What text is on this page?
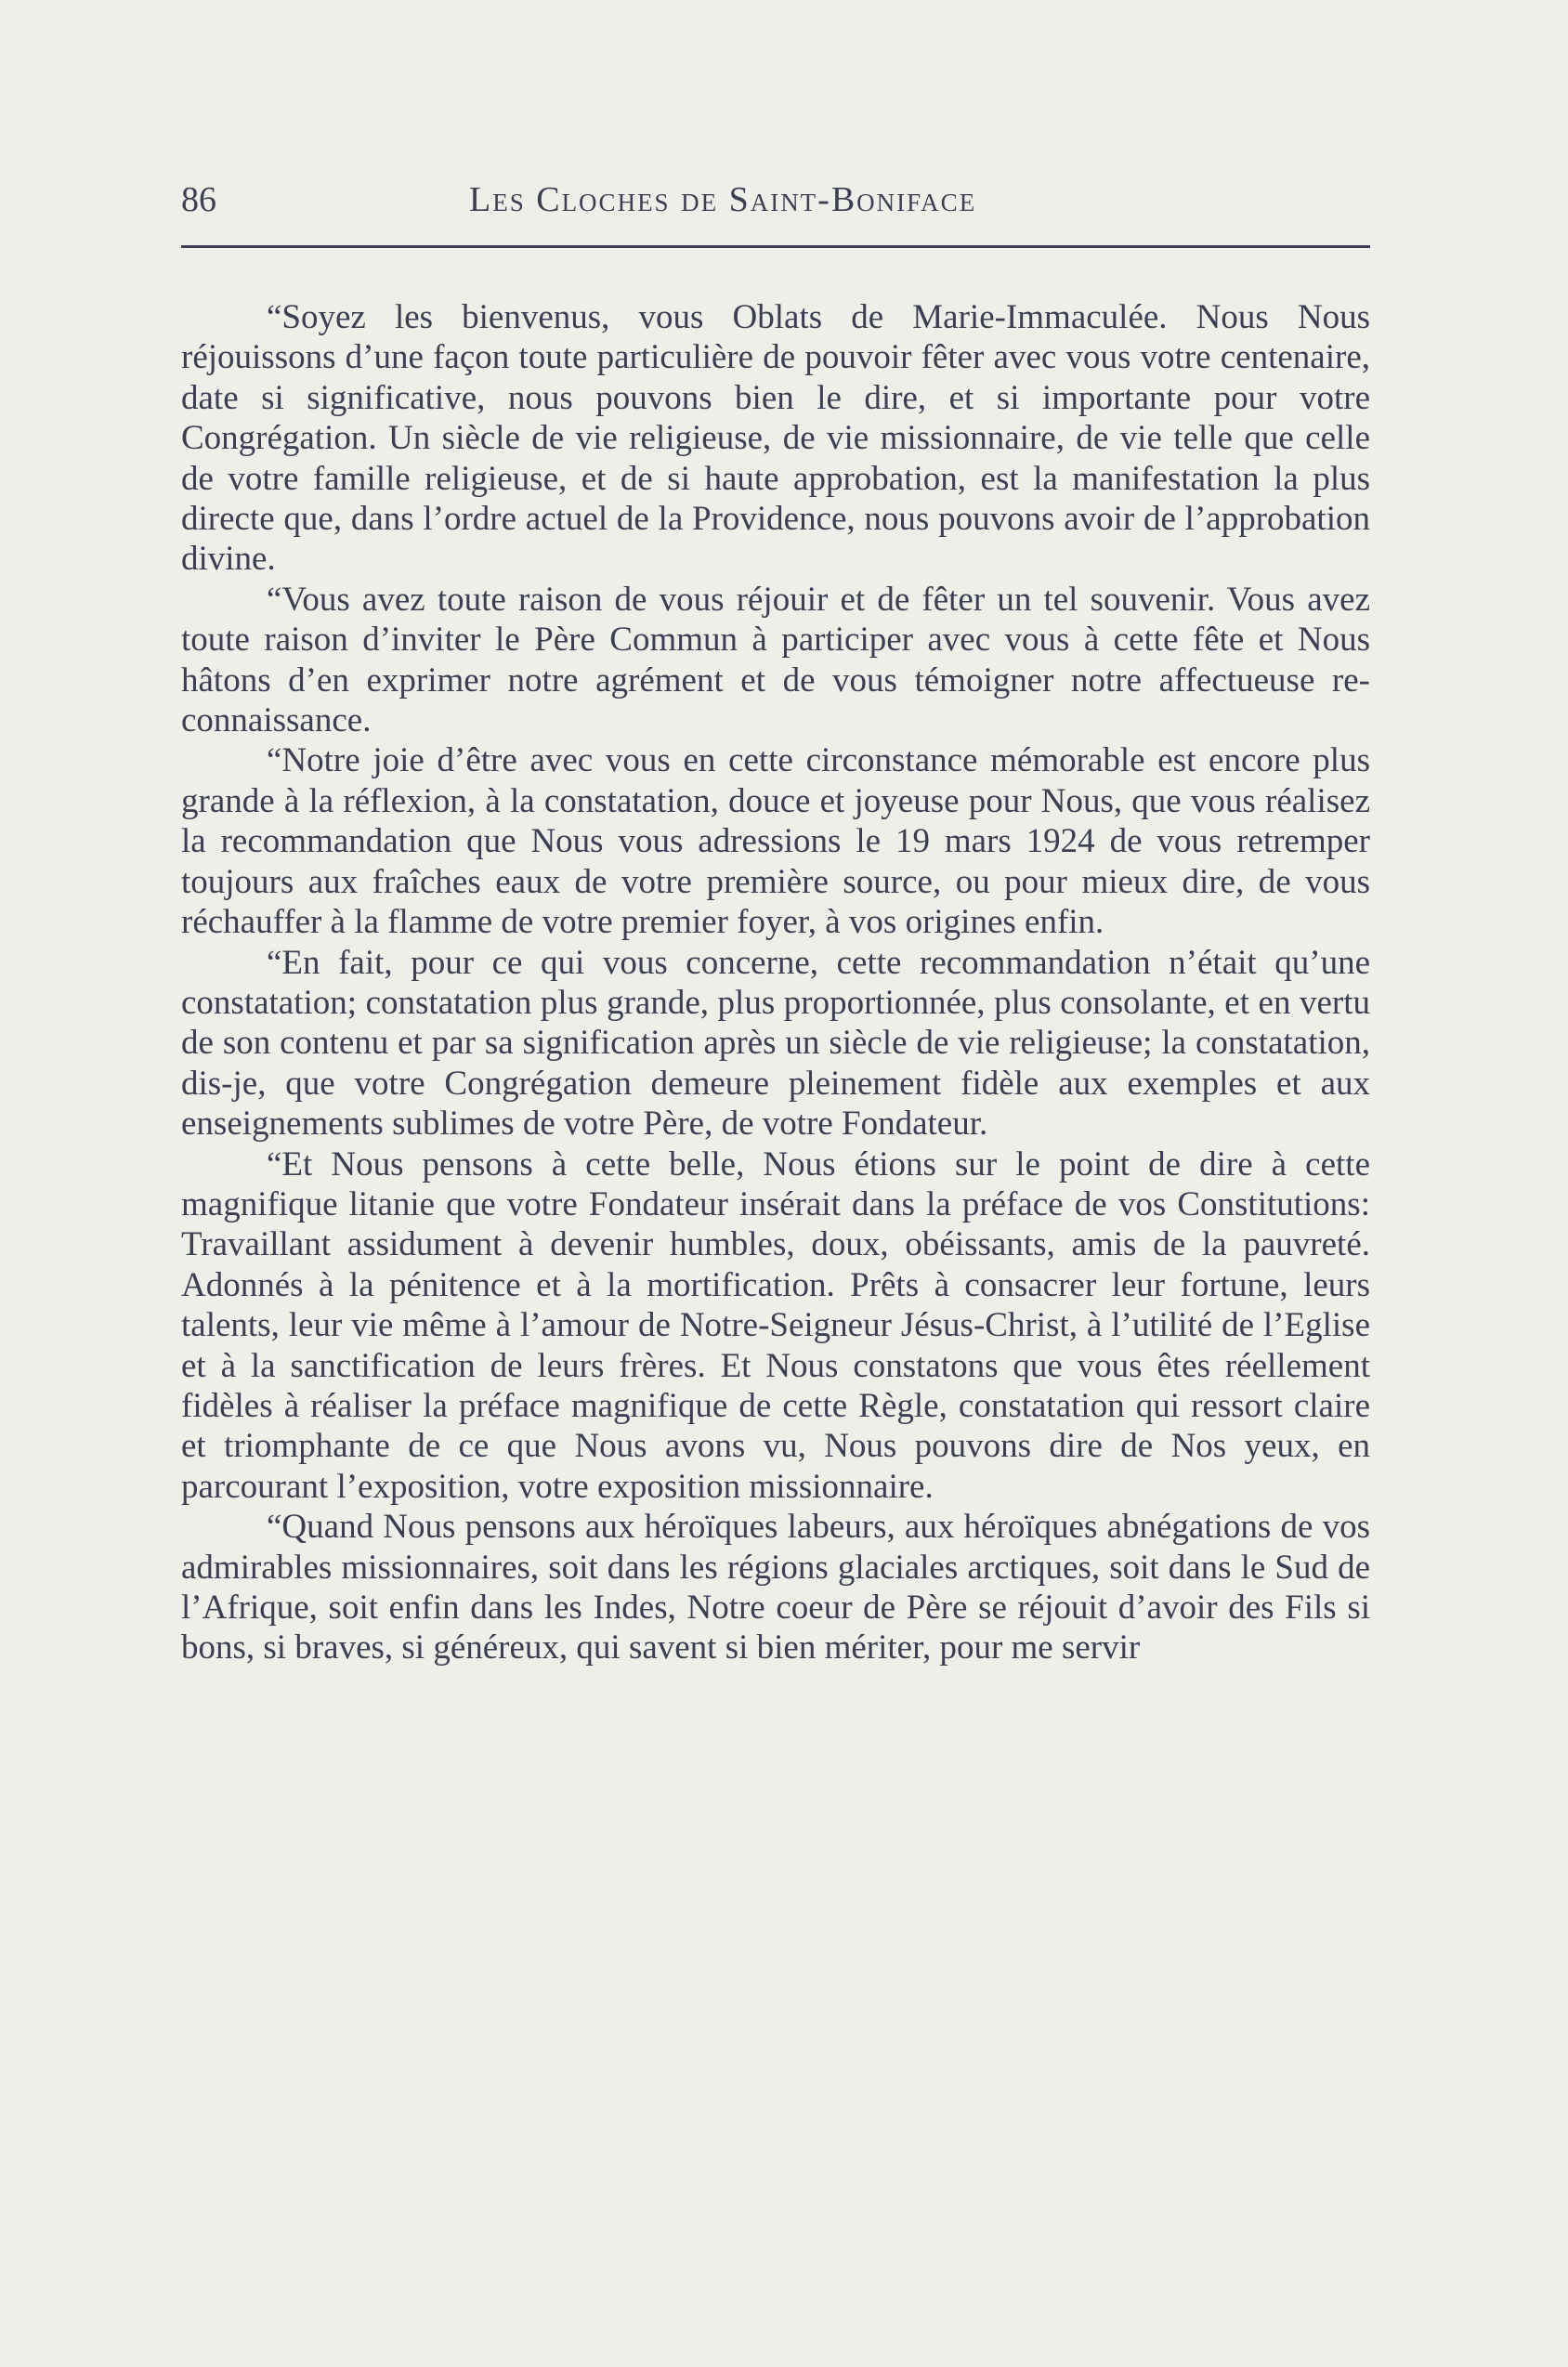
86	Les Cloches de Saint-Boniface

“Soyez les bienvenus, vous Oblats de Marie-Immaculée. Nous Nous réjouissons d’une façon toute particulière de pouvoir fêter avec vous votre centenaire, date si significative, nous pouvons bien le dire, et si importante pour votre Congrégation. Un siècle de vie religieuse, de vie missionnaire, de vie telle que celle de votre famille religieuse, et de si haute approbation, est la manifestation la plus directe que, dans l’ordre actuel de la Providence, nous pouvons avoir de l’approbation divine.

“Vous avez toute raison de vous réjouir et de fêter un tel souvenir. Vous avez toute raison d’inviter le Père Commun à participer avec vous à cette fête et Nous hâtons d’en exprimer notre agrément et de vous témoigner notre affectueuse reconnaissance.

“Notre joie d’être avec vous en cette circonstance mémorable est encore plus grande à la réflexion, à la constatation, douce et joyeuse pour Nous, que vous réalisez la recommandation que Nous vous adressions le 19 mars 1924 de vous retremper toujours aux fraîches eaux de votre première source, ou pour mieux dire, de vous réchauffer à la flamme de votre premier foyer, à vos origines enfin.

“En fait, pour ce qui vous concerne, cette recommandation n’était qu’une constatation; constatation plus grande, plus proportionnée, plus consolante, et en vertu de son contenu et par sa signification après un siècle de vie religieuse; la constatation, dis-je, que votre Congrégation demeure pleinement fidèle aux exemples et aux enseignements sublimes de votre Père, de votre Fondateur.

“Et Nous pensons à cette belle, Nous étions sur le point de dire à cette magnifique litanie que votre Fondateur insérait dans la préface de vos Constitutions: Travaillant assidument à devenir humbles, doux, obéissants, amis de la pauvreté. Adonnés à la pénitence et à la mortification. Prêts à consacrer leur fortune, leurs talents, leur vie même à l’amour de Notre-Seigneur Jésus-Christ, à l’utilité de l’Eglise et à la sanctification de leurs frères. Et Nous constatons que vous êtes réellement fidèles à réaliser la préface magnifique de cette Règle, constatation qui ressort claire et triomphante de ce que Nous avons vu, Nous pouvons dire de Nos yeux, en parcourant l’exposition, votre exposition missionnaire.

“Quand Nous pensons aux héroïques labeurs, aux héroïques abnégations de vos admirables missionnaires, soit dans les régions glaciales arctiques, soit dans le Sud de l’Afrique, soit enfin dans les Indes, Notre coeur de Père se réjouit d’avoir des Fils si bons, si braves, si généreux, qui savent si bien mériter, pour me servir
